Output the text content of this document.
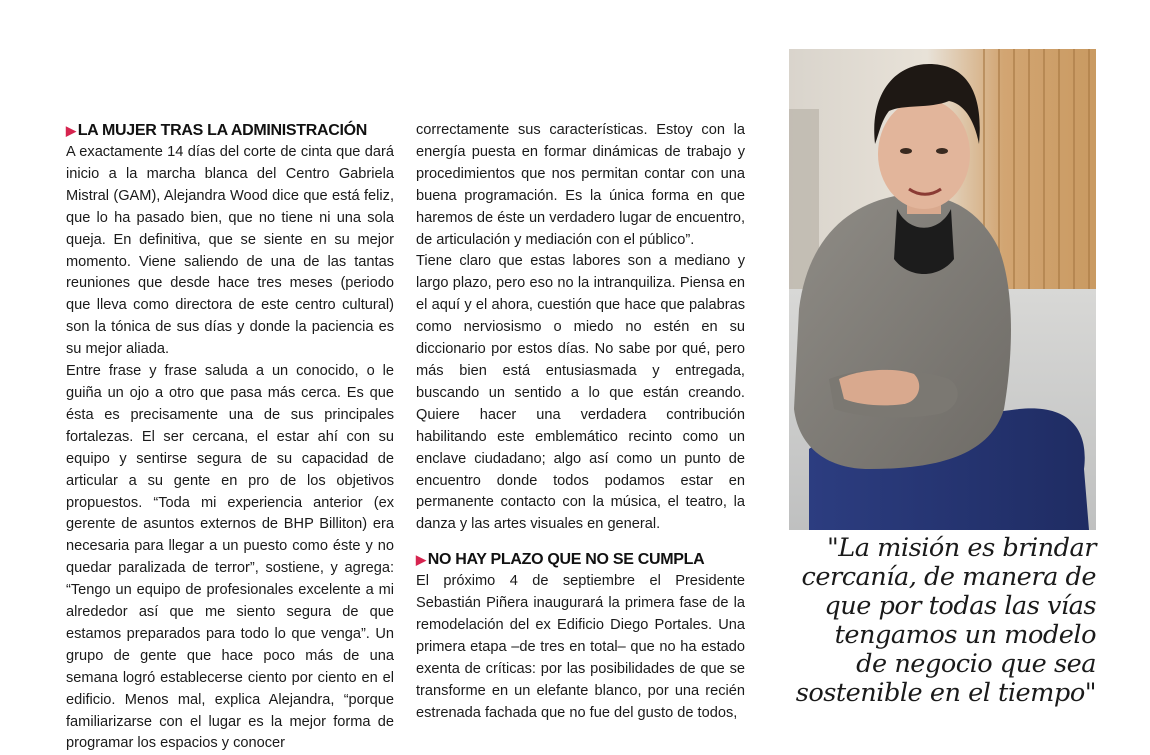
▶ LA MUJER TRAS LA ADMINISTRACIÓN

A exactamente 14 días del corte de cinta que dará inicio a la marcha blanca del Centro Gabriela Mistral (GAM), Alejandra Wood dice que está feliz, que lo ha pasado bien, que no tiene ni una sola queja. En definitiva, que se siente en su mejor momento. Viene saliendo de una de las tantas reuniones que desde hace tres meses (periodo que lleva como directora de este centro cultural) son la tónica de sus días y donde la paciencia es su mejor aliada.

Entre frase y frase saluda a un conocido, o le guiña un ojo a otro que pasa más cerca. Es que ésta es precisamente una de sus principales fortalezas. El ser cercana, el estar ahí con su equipo y sentirse segura de su capacidad de articular a su gente en pro de los objetivos propuestos. “Toda mi experiencia anterior (ex gerente de asuntos externos de BHP Billiton) era necesaria para llegar a un puesto como éste y no quedar paralizada de terror”, sostiene, y agrega: “Tengo un equipo de profesionales excelente a mi alrededor así que me siento segura de que estamos preparados para todo lo que venga”. Un grupo de gente que hace poco más de una semana logró establecerse ciento por ciento en el edificio. Menos mal, explica Alejandra, “porque familiarizarse con el lugar es la mejor forma de programar los espacios y conocer

correctamente sus características. Estoy con la energía puesta en formar dinámicas de trabajo y procedimientos que nos permitan contar con una buena programación. Es la única forma en que haremos de éste un verdadero lugar de encuentro, de articulación y mediación con el público”.

Tiene claro que estas labores son a mediano y largo plazo, pero eso no la intranquiliza. Piensa en el aquí y el ahora, cuestión que hace que palabras como nerviosismo o miedo no estén en su diccionario por estos días. No sabe por qué, pero más bien está entusiasmada y entregada, buscando un sentido a lo que están creando. Quiere hacer una verdadera contribución habilitando este emblemático recinto como un enclave ciudadano; algo así como un punto de encuentro donde todos podamos estar en permanente contacto con la música, el teatro, la danza y las artes visuales en general.

▶ NO HAY PLAZO QUE NO SE CUMPLA

El próximo 4 de septiembre el Presidente Sebastián Piñera inaugurará la primera fase de la remodelación del ex Edificio Diego Portales. Una primera etapa –de tres en total– que no ha estado exenta de críticas: por las posibilidades de que se transforme en un elefante blanco, por una recién estrenada fachada que no fue del gusto de todos,

"La misión es brindar
cercanía, de manera de
que por todas las vías
tengamos un modelo
de negocio que sea
sostenible en el tiempo"
